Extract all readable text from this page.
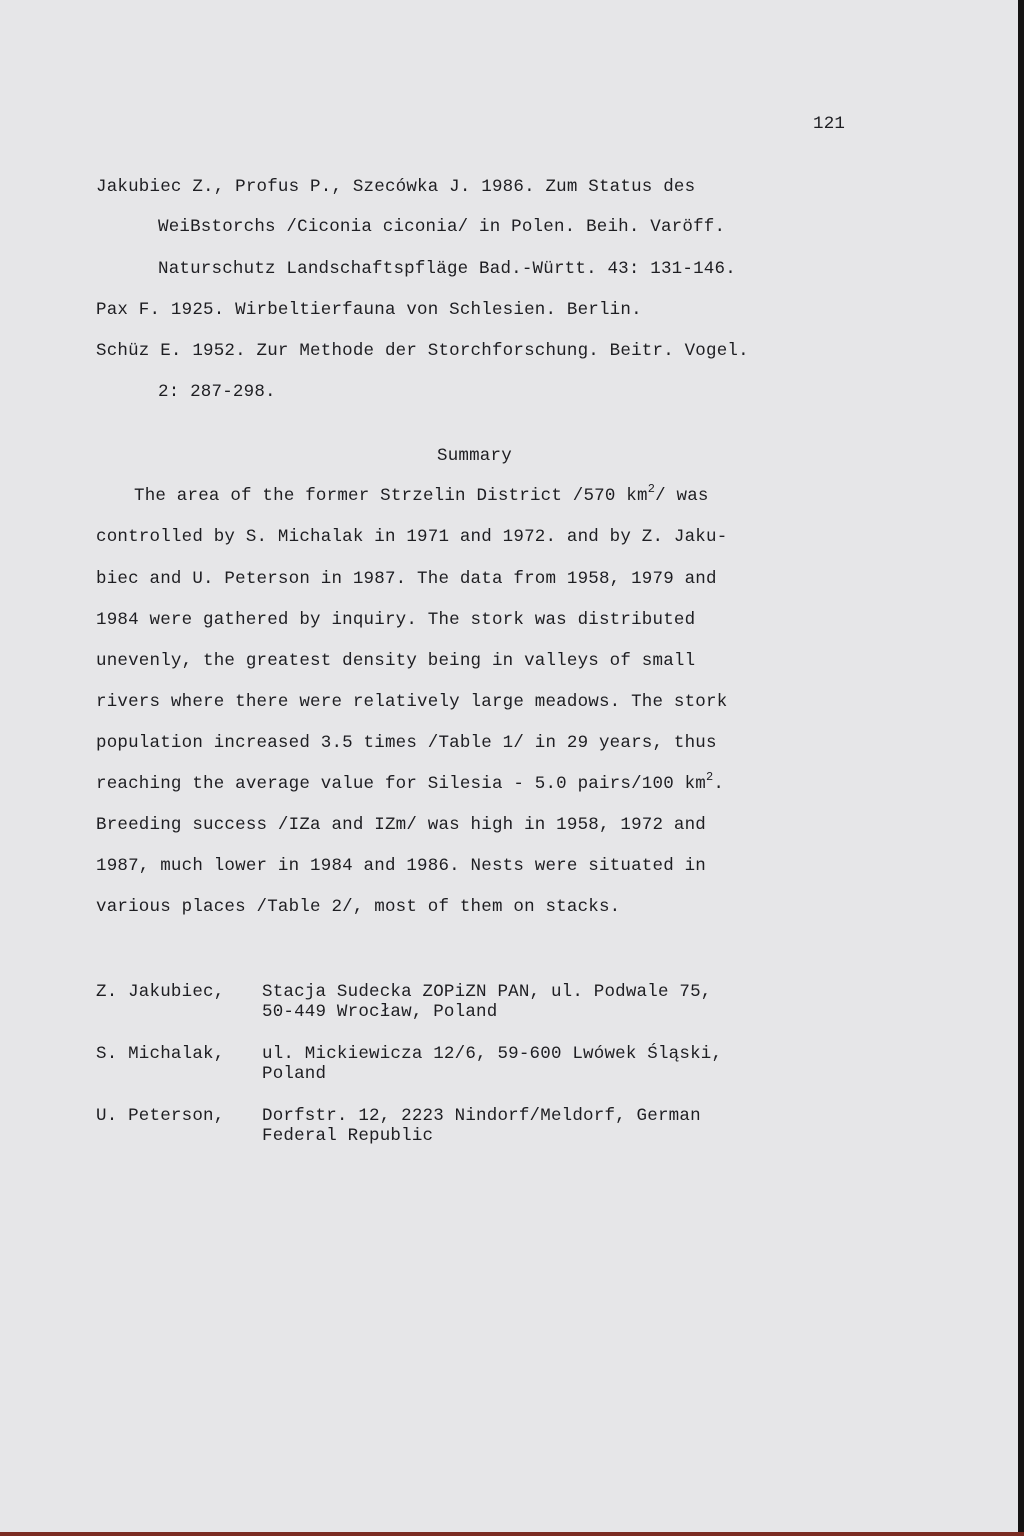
121
Jakubiec Z., Profus P., Szecówka J. 1986. Zum Status des
WeiBstorchs /Ciconia ciconia/ in Polen. Beih. Varöff.
Naturschutz Landschaftspfläge Bad.-Württ. 43: 131-146.
Pax F. 1925. Wirbeltierfauna von Schlesien. Berlin.
Schüz E. 1952. Zur Methode der Storchforschung. Beitr. Vogel.
2: 287-298.
Summary
The area of the former Strzelin District /570 $km^2/$ was
controlled by S. Michalak in 1971 and 1972. and by Z. Jaku-
biec and U. Peterson in 1987. The data from 1958, 1979 and
1984 were gathered by inquiry. The stork was distributed
unevenly, the greatest density being in valleys of small
rivers where there were relatively large meadows. The stork
population increased 3.5 times /Table 1/ in 29 years, thus
reaching the average value for Silesia - 5.0 pairs/100 $km^2$.
Breeding success /IZa and IZm/ was high in 1958, 1972 and
1987, much lower in 1984 and 1986. Nests were situated in
various places /Table 2/, most of them on stacks.
Z. Jakubiec, Stacja Sudecka ZOPiZN PAN, ul. Podwale 75,
50-449 Wrocław, Poland
S. Michalak, ul. Mickiewicza 12/6, 59-600 Lwówek Śląski,
Poland
U. Peterson, Dorfstr. 12, 2223 Nindorf/Meldorf, German
Federal Republic
